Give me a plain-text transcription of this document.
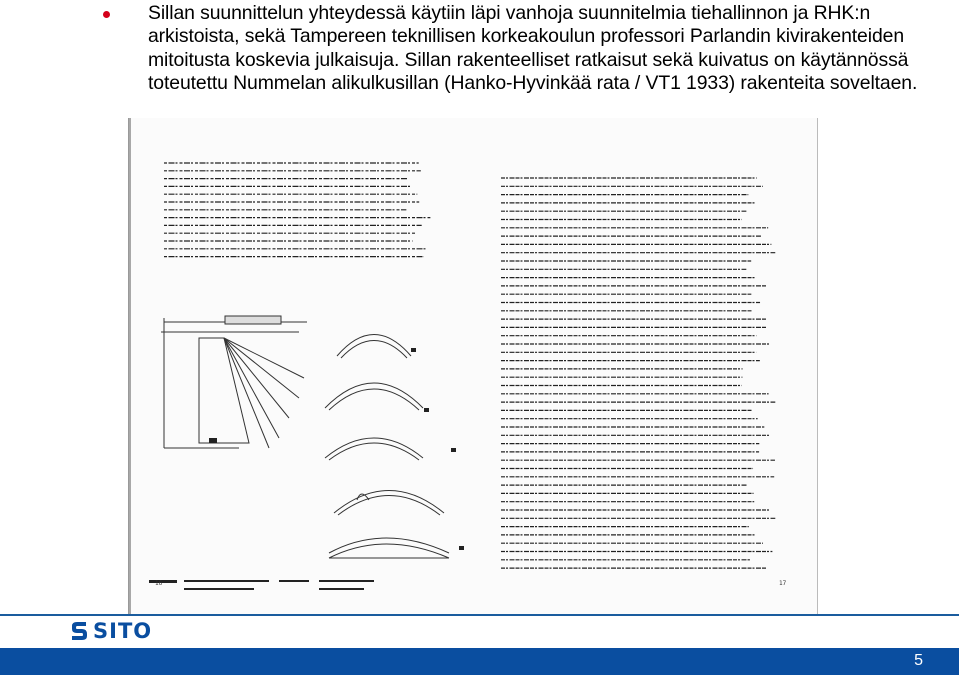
Sillan suunnittelun yhteydessä käytiin läpi vanhoja suunnitelmia tiehallinnon ja RHK:n arkistoista, sekä Tampereen teknillisen korkeakoulun professori Parlandin kivirakenteiden mitoitusta koskevia julkaisuja. Sillan rakenteelliset ratkaisut sekä kuivatus on käytännössä toteutettu Nummelan alikulkusillan (Hanko-Hyvinkää rata / VT1 1933) rakenteita soveltaen.
16	17
SITO
5
